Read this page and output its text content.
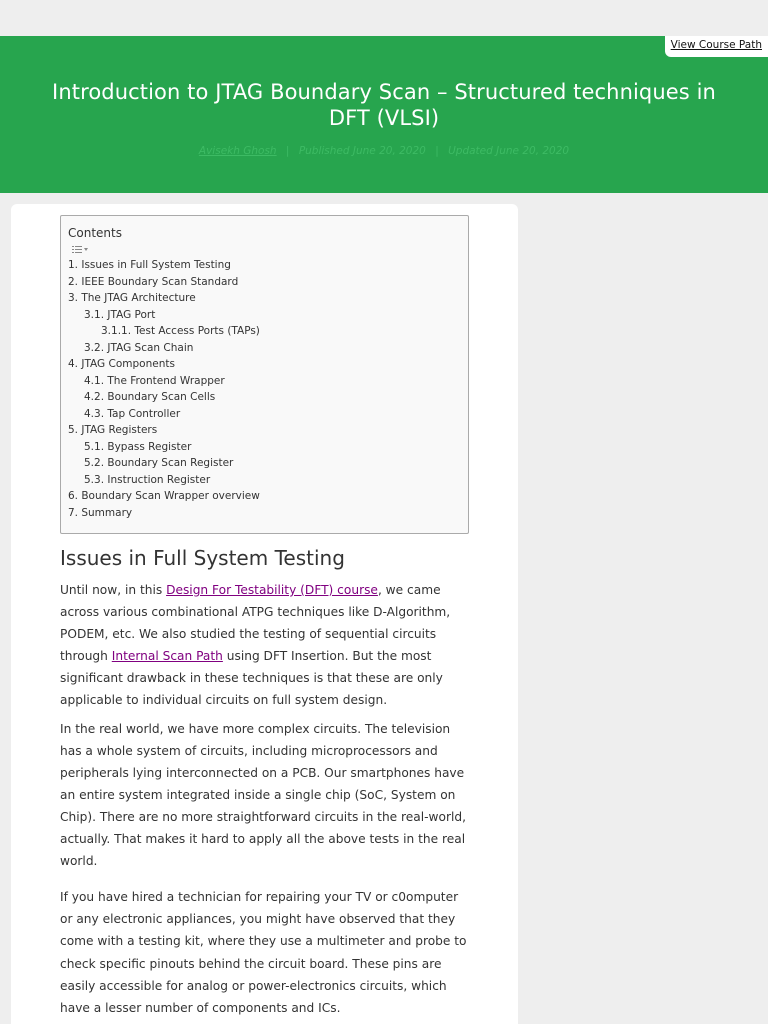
View Course Path
Introduction to JTAG Boundary Scan – Structured techniques in DFT (VLSI)
Avisekh Ghosh | Published June 20, 2020 | Updated June 20, 2020
Contents
1. Issues in Full System Testing
2. IEEE Boundary Scan Standard
3. The JTAG Architecture
3.1. JTAG Port
3.1.1. Test Access Ports (TAPs)
3.2. JTAG Scan Chain
4. JTAG Components
4.1. The Frontend Wrapper
4.2. Boundary Scan Cells
4.3. Tap Controller
5. JTAG Registers
5.1. Bypass Register
5.2. Boundary Scan Register
5.3. Instruction Register
6. Boundary Scan Wrapper overview
7. Summary
Issues in Full System Testing

Until now, in this Design For Testability (DFT) course, we came across various combinational ATPG techniques like D-Algorithm, PODEM, etc. We also studied the testing of sequential circuits through Internal Scan Path using DFT Insertion. But the most significant drawback in these techniques is that these are only applicable to individual circuits on full system design.

In the real world, we have more complex circuits. The television has a whole system of circuits, including microprocessors and peripherals lying interconnected on a PCB. Our smartphones have an entire system integrated inside a single chip (SoC, System on Chip). There are no more straightforward circuits in the real-world, actually. That makes it hard to apply all the above tests in the real world.

If you have hired a technician for repairing your TV or c0omputer or any electronic appliances, you might have observed that they come with a testing kit, where they use a multimeter and probe to check specific pinouts behind the circuit board. These pins are easily accessible for analog or power-electronics circuits, which have a lesser number of components and ICs.
